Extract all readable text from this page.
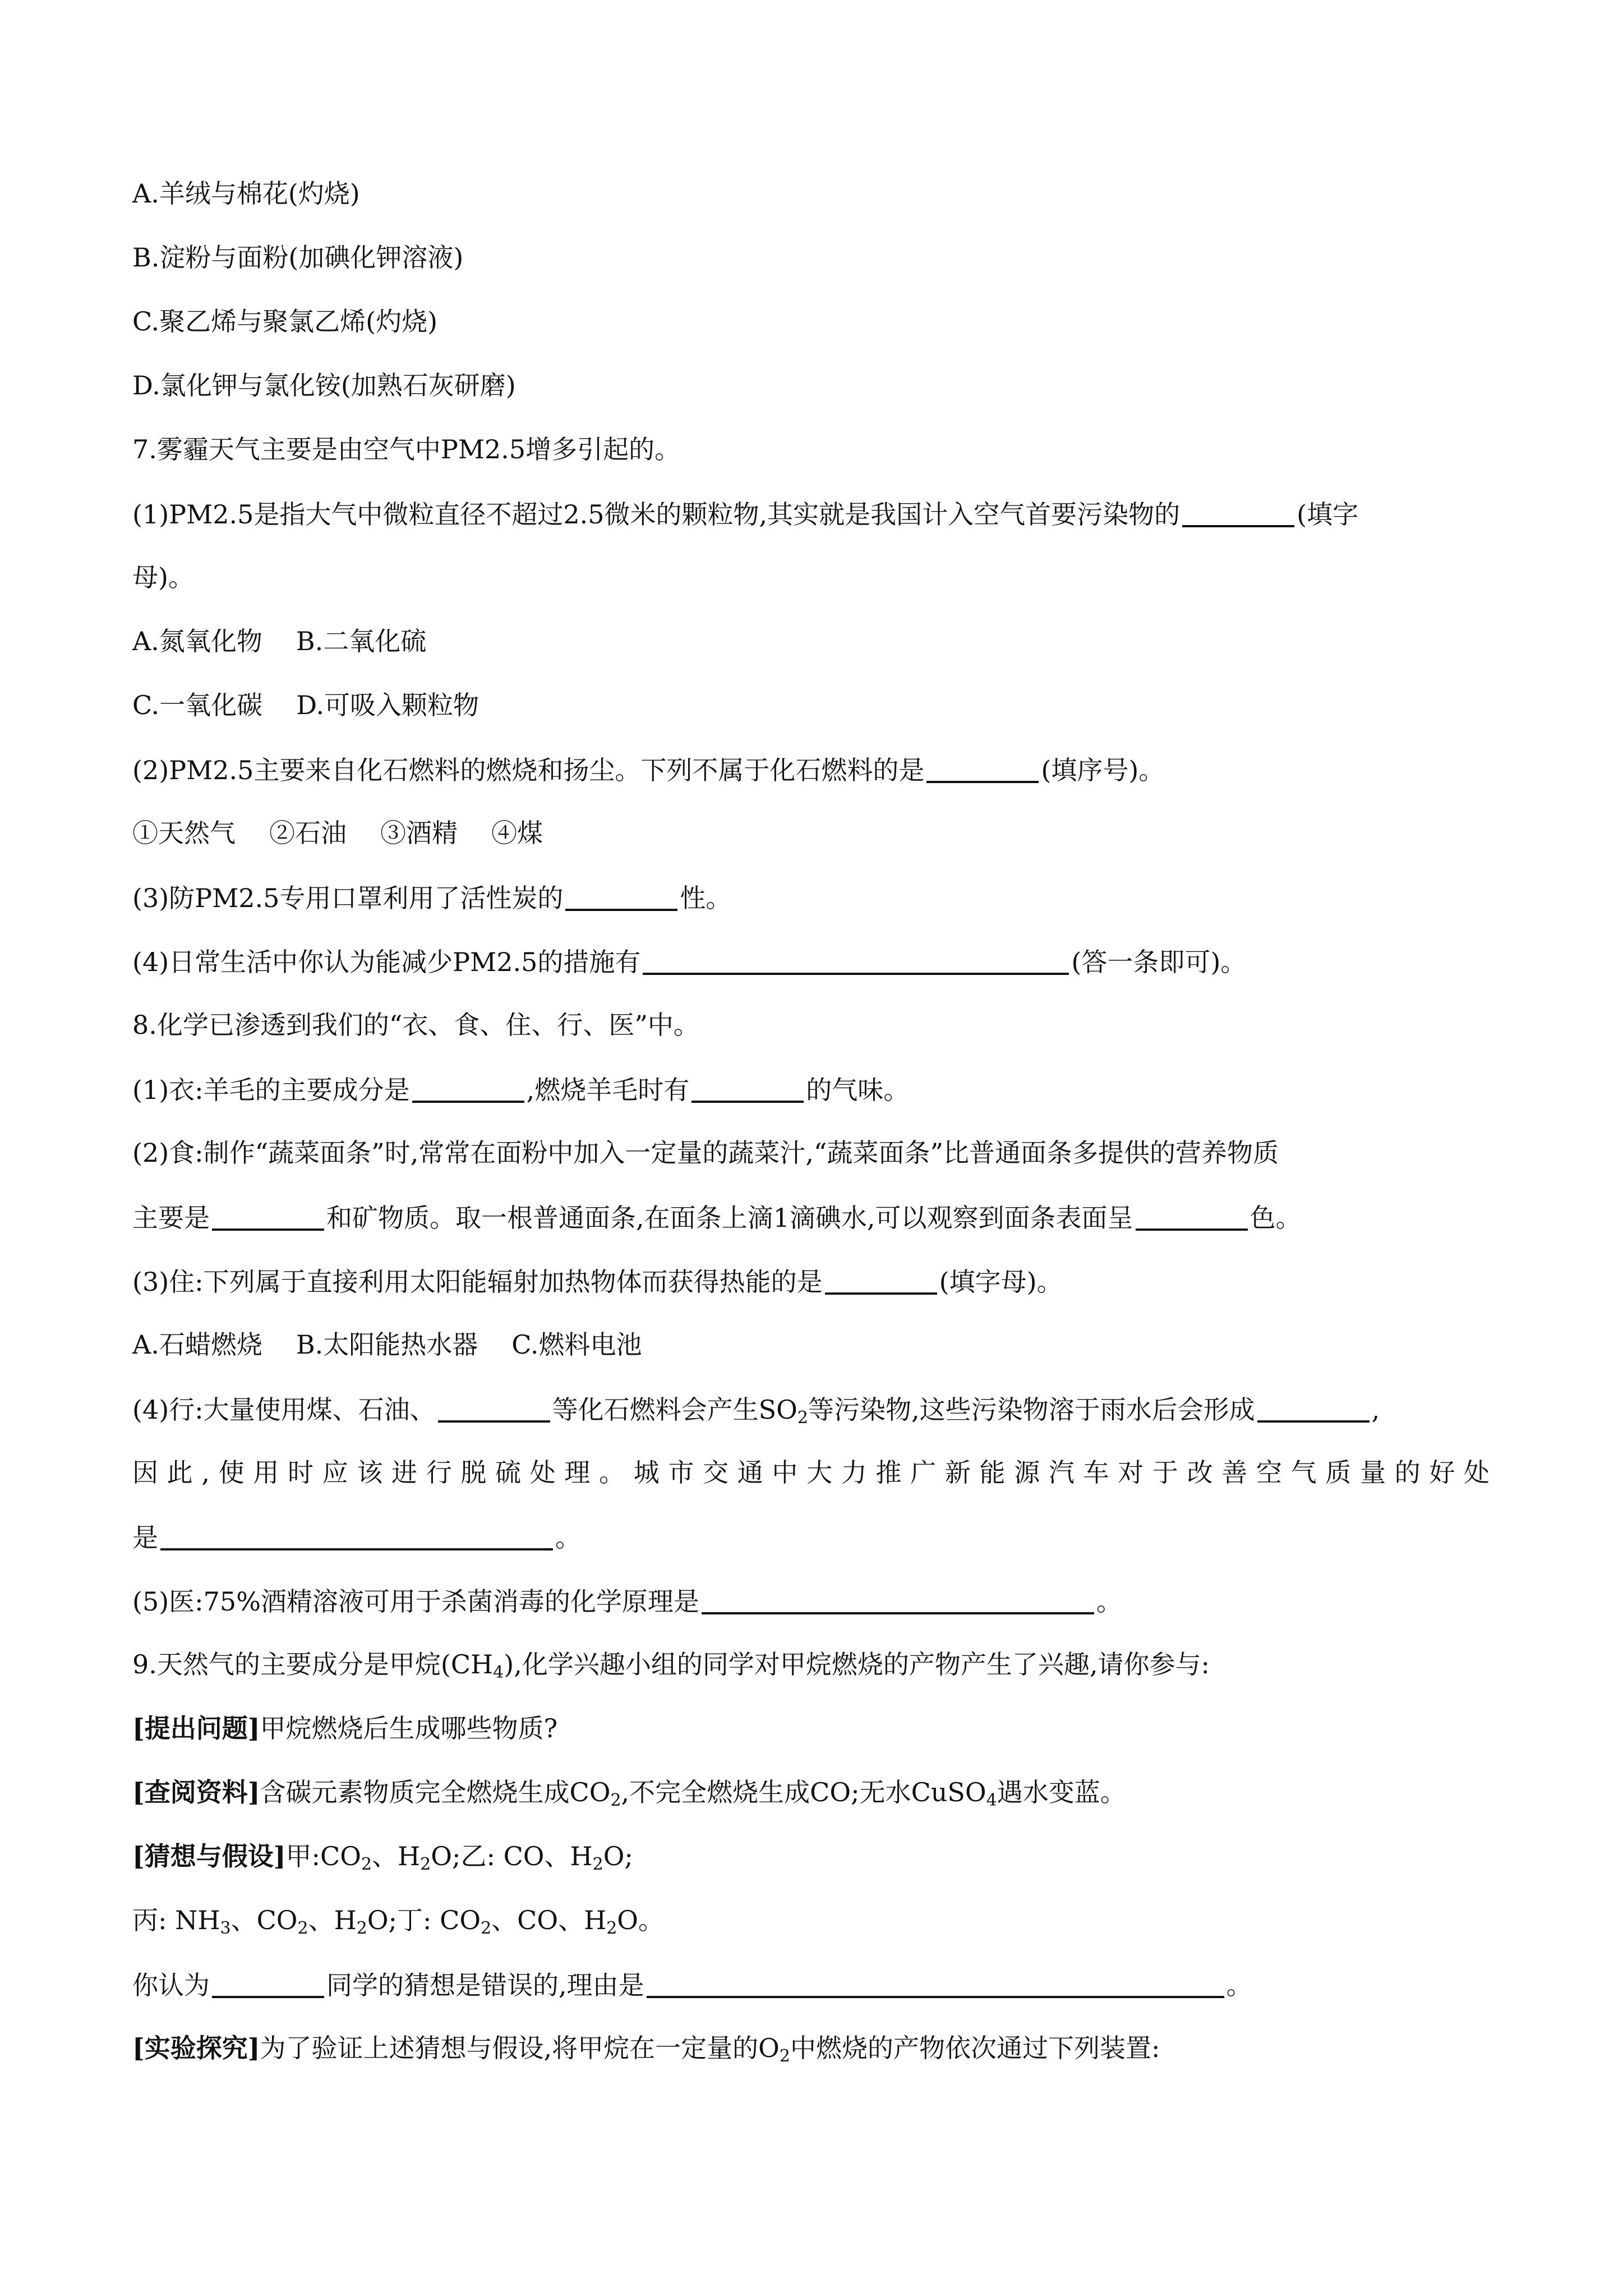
A.羊绒与棉花(灼烧)
B.淀粉与面粉(加碘化钾溶液)
C.聚乙烯与聚氯乙烯(灼烧)
D.氯化钾与氯化铵(加熟石灰研磨)
7.雾霾天气主要是由空气中PM2.5增多引起的。
(1)PM2.5是指大气中微粒直径不超过2.5微米的颗粒物,其实就是我国计入空气首要污染物的	(填字
母)。
A.氮氧化物 B.二氧化硫
C.一氧化碳 D.可吸入颗粒物
(2)PM2.5主要来自化石燃料的燃烧和扬尘。下列不属于化石燃料的是	(填序号)。
①天然气 ②石油 ③酒精 ④煤
(3)防PM2.5专用口罩利用了活性炭的	性。
(4)日常生活中你认为能减少PM2.5的措施有	(答一条即可)。
8.化学已渗透到我们的“衣、食、住、行、医”中。
(1)衣:羊毛的主要成分是	,燃烧羊毛时有	的气味。
(2)食:制作“蔬菜面条”时,常常在面粉中加入一定量的蔬菜汁,“蔬菜面条”比普通面条多提供的营养物质
主要是	和矿物质。取一根普通面条,在面条上滴1滴碘水,可以观察到面条表面呈	色。
(3)住:下列属于直接利用太阳能辐射加热物体而获得热能的是	(填字母)。
A.石蜡燃烧 B.太阳能热水器 C.燃料电池
(4)行:大量使用煤、石油、	等化石燃料会产生$SO_2$等污染物,这些污染物溶于雨水后会形成	,
因此,使用时应该进行脱硫处理。城市交通中大力推广新能源汽车对于改善空气质量的好处
是	。
(5)医:75%酒精溶液可用于杀菌消毒的化学原理是	。
9.天然气的主要成分是甲烷$(CH_4)$,化学兴趣小组的同学对甲烷燃烧的产物产生了兴趣,请你参与:
[提出问题]甲烷燃烧后生成哪些物质?
[查阅资料]含碳元素物质完全燃烧生成$CO_2$,不完全燃烧生成CO;无水CuSO$_4$遇水变蓝。
[猜想与假设]甲$:CO_2$、$H_2O$;乙: CO、$H_2O$;
丙: $NH_3$、$CO_2$、$H_2O$;丁: $CO_2$、CO、$H_2O$。
你认为	同学的猜想是错误的,理由是	。
[实验探究]为了验证上述猜想与假设,将甲烷在一定量的$O_2$中燃烧的产物依次通过下列装置:
